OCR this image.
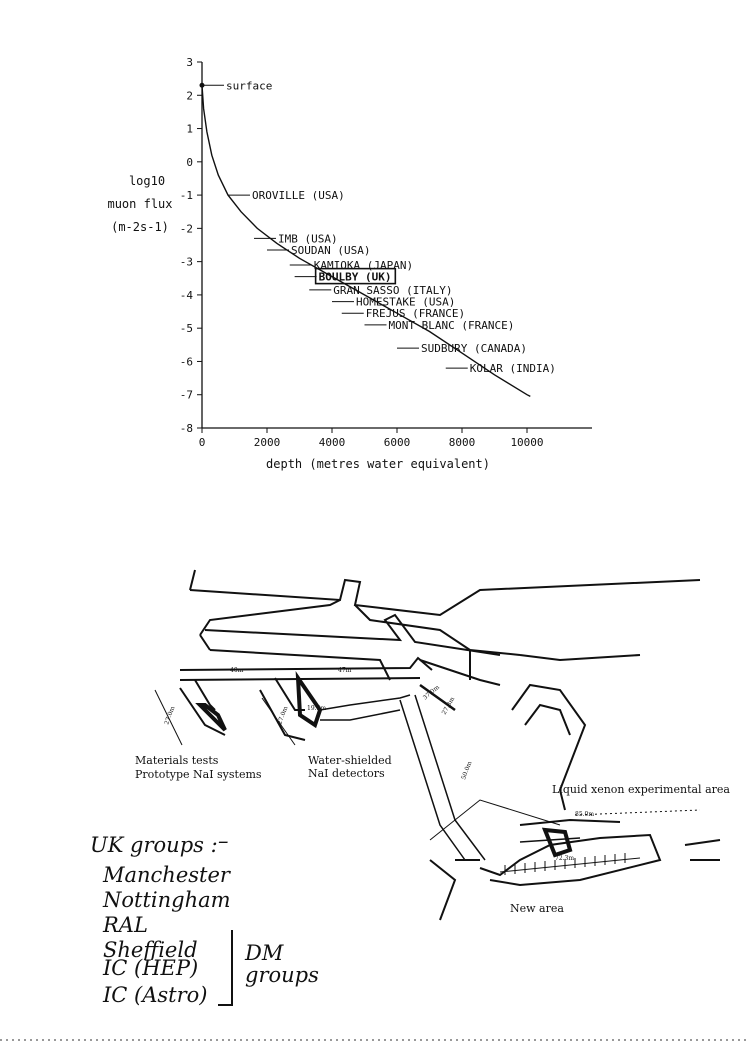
log10
muon flux
(m-2s-1)
3
2
1
0
-1
-2
-3
-4
-5
-6
-7
-8
0	2000	4000	6000	8000	10000
surface
OROVILLE (USA)
IMB (USA)
SOUDAN (USA)
KAMIOKA (JAPAN)
BOULBY (UK)
GRAN SASSO (ITALY)
HOMESTAKE (USA)
FREJUS (FRANCE)
MONT BLANC (FRANCE)
SUDBURY (CANADA)
KOLAR (INDIA)
depth (metres water equivalent)
40m	47m
27.0m	27.0m	19.5m
37.0m
27.3m
50.0m
85.0m
72.3m
Materials tests
Prototype NaI systems
Water-shielded
NaI detectors
Liquid xenon experimental area
New area
UK groups : –
Manchester
Nottingham
RAL
Sheffield
IC (HEP)
IC (Astro)
DM
groups
